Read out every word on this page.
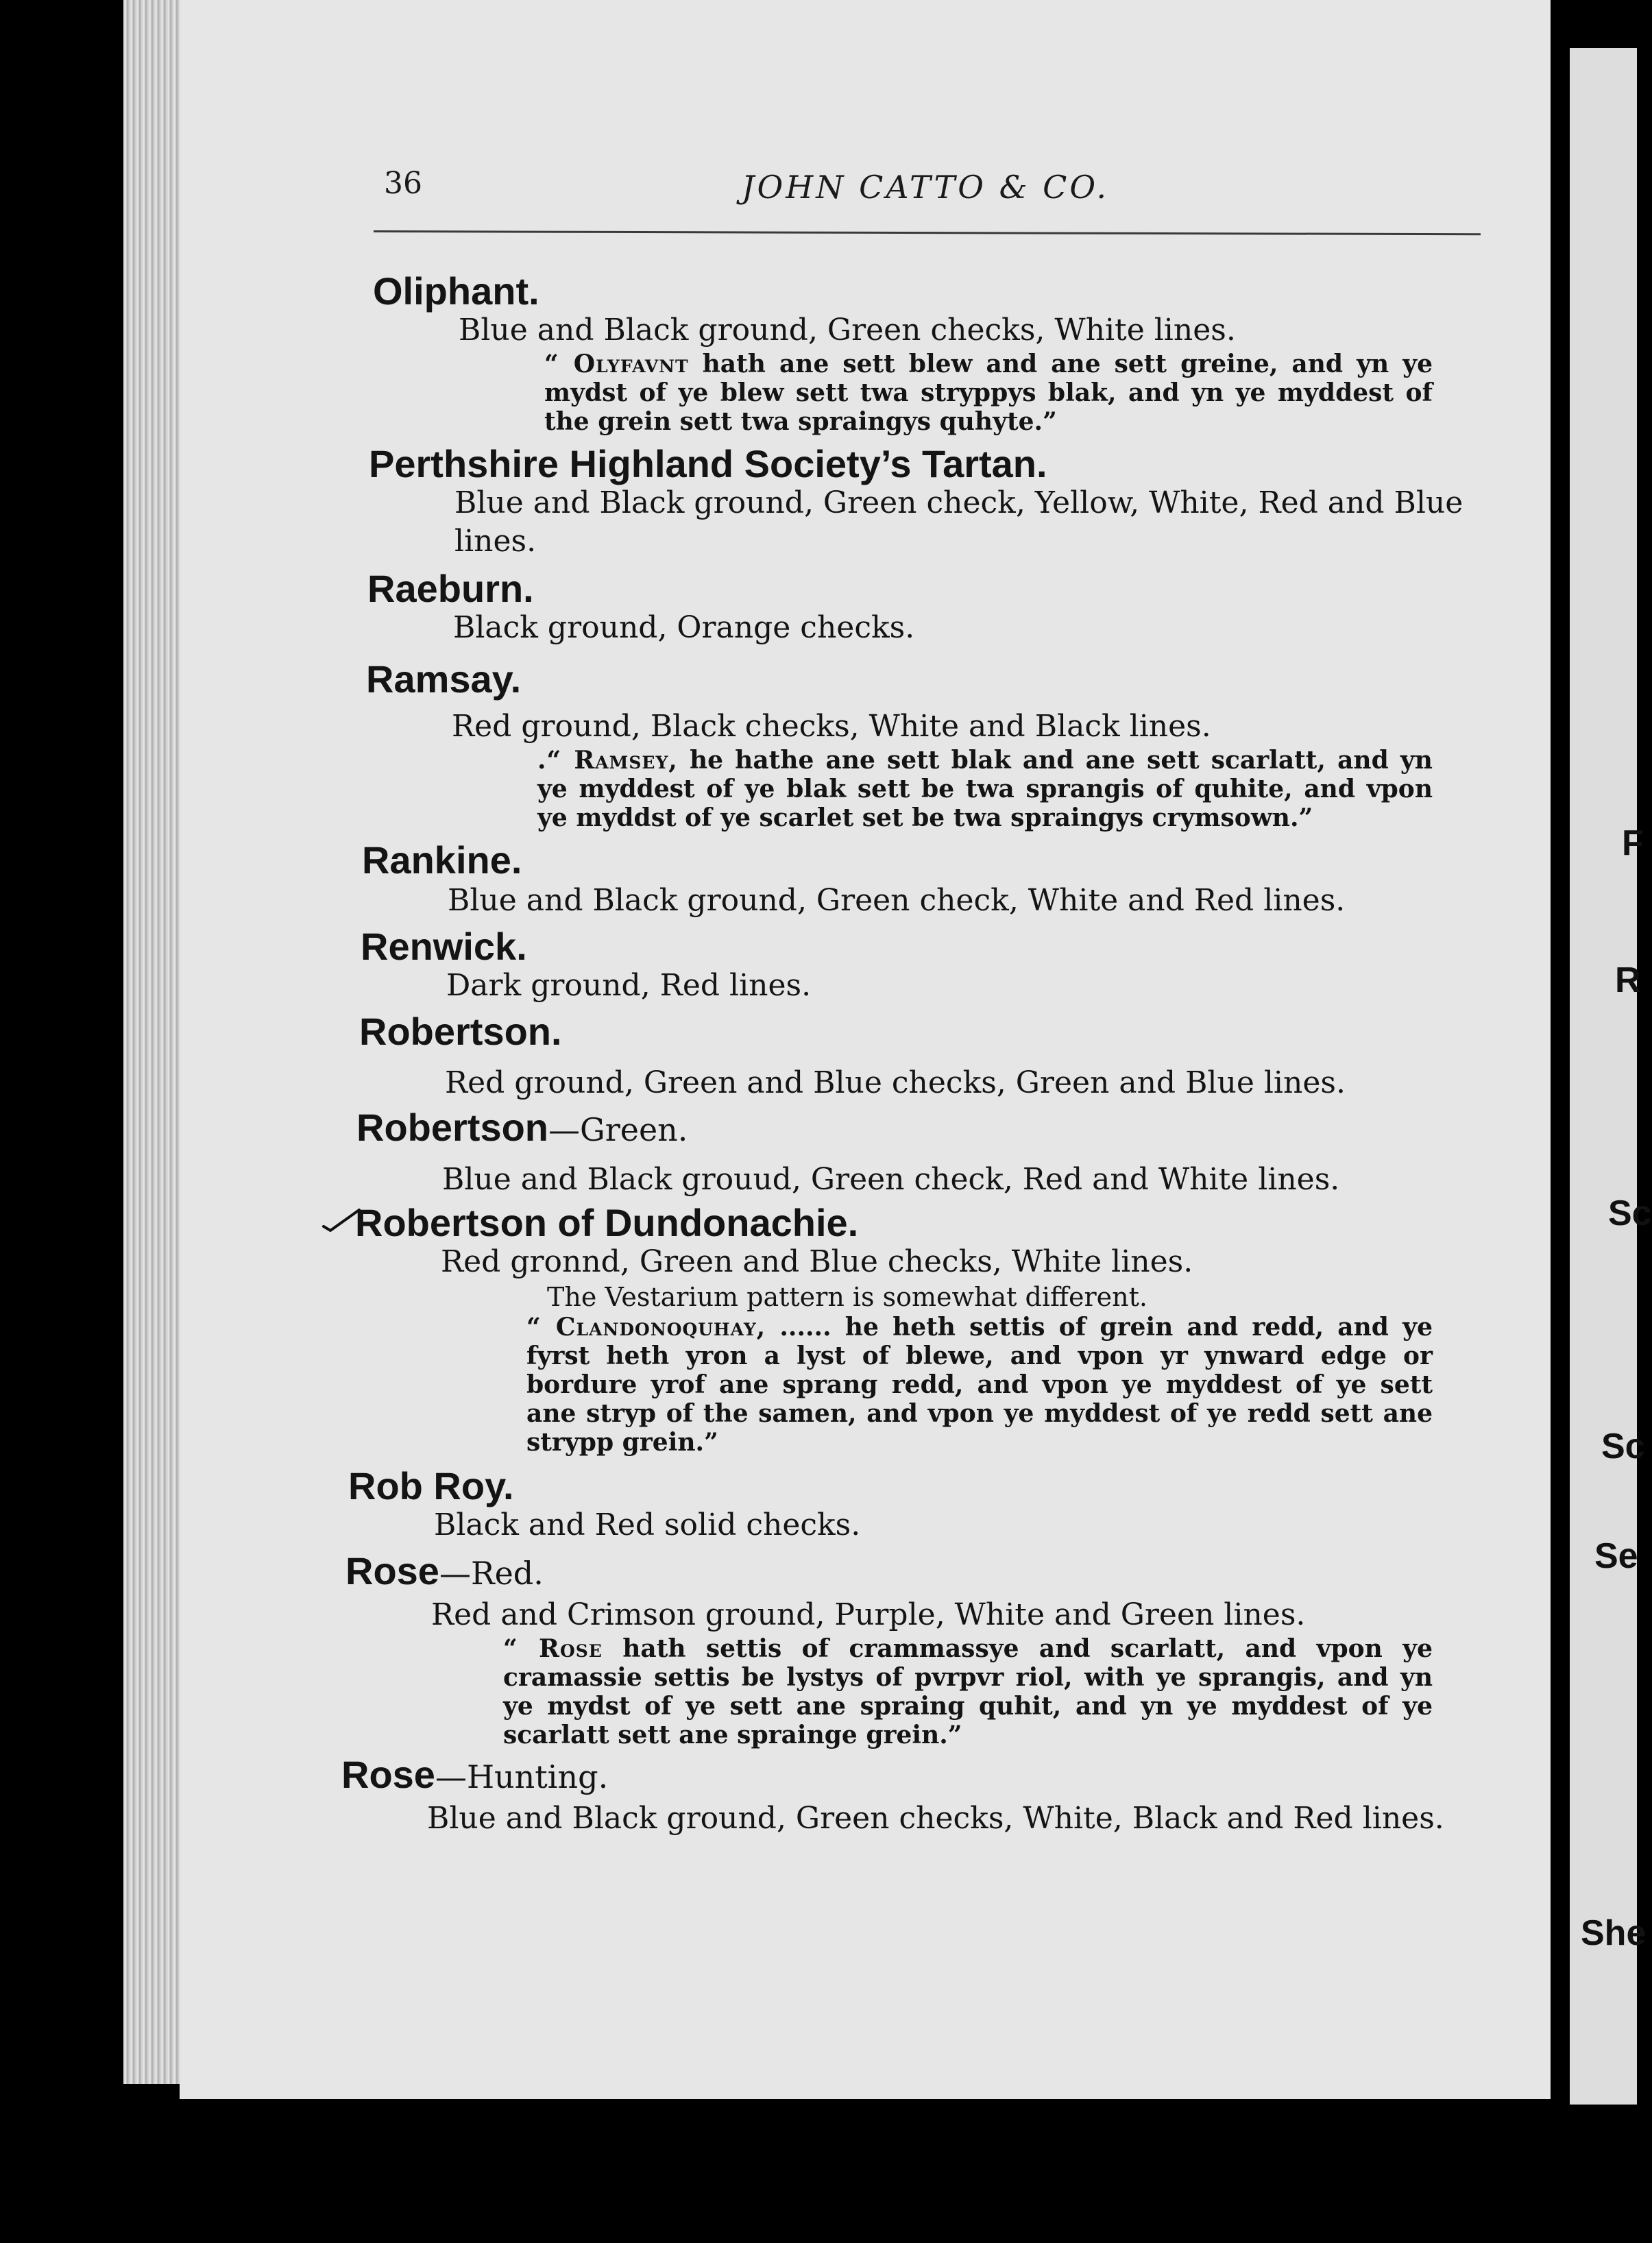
F
R
Sc
Sc
Se
She
36	JOHN CATTO & CO.
Oliphant.
Blue and Black ground, Green checks, White lines.
“ Olyfavnt hath ane sett blew and ane sett greine, and yn ye mydst of ye blew sett twa stryppys blak, and yn ye myddest of the grein sett twa spraingys quhyte.”
Perthshire Highland Society’s Tartan.
Blue and Black ground, Green check, Yellow, White, Red and Blue lines.
Raeburn.
Black ground, Orange checks.
Ramsay.
Red ground, Black checks, White and Black lines.
.“ Ramsey, he hathe ane sett blak and ane sett scarlatt, and yn ye myddest of ye blak sett be twa sprangis of quhite, and vpon ye myddst of ye scarlet set be twa spraingys crymsown.”
Rankine.
Blue and Black ground, Green check, White and Red lines.
Renwick.
Dark ground, Red lines.
Robertson.
Red ground, Green and Blue checks, Green and Blue lines.
Robertson—Green.
Blue and Black grouud, Green check, Red and White lines.
Robertson of Dundonachie.
Red gronnd, Green and Blue checks, White lines.
The Vestarium pattern is somewhat different.
“ Clandonoquhay, ...... he heth settis of grein and redd, and ye fyrst heth yron a lyst of blewe, and vpon yr ynward edge or bordure yrof ane sprang redd, and vpon ye myddest of ye sett ane stryp of the samen, and vpon ye myddest of ye redd sett ane strypp grein.”
Rob Roy.
Black and Red solid checks.
Rose—Red.
Red and Crimson ground, Purple, White and Green lines.
“ Rose hath settis of crammassye and scarlatt, and vpon ye cramassie settis be lystys of pvrpvr riol, with ye sprangis, and yn ye mydst of ye sett ane spraing quhit, and yn ye myddest of ye scarlatt sett ane sprainge grein.”
Rose—Hunting.
Blue and Black ground, Green checks, White, Black and Red lines.
